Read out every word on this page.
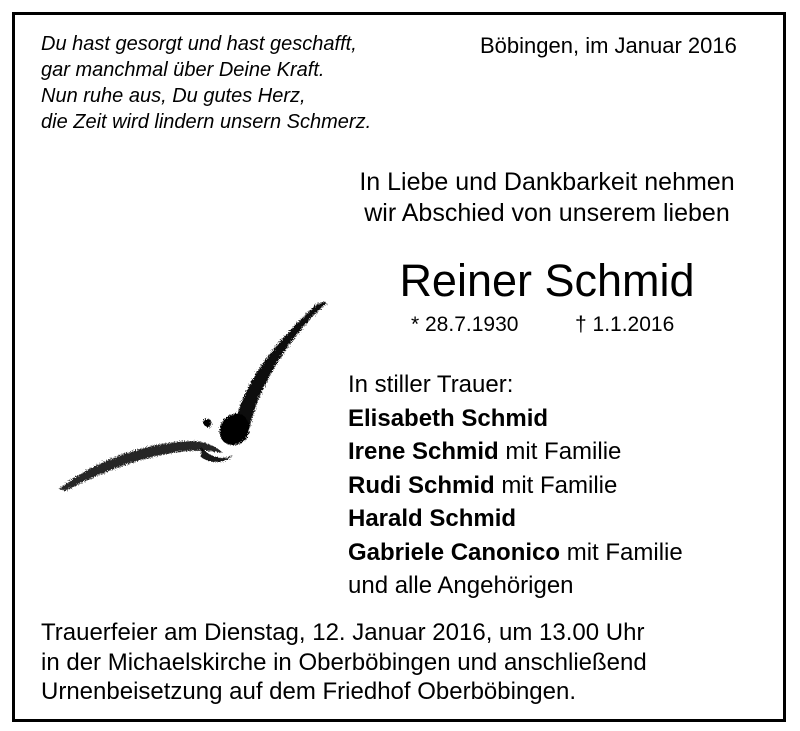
Du hast gesorgt und hast geschafft,
gar manchmal über Deine Kraft.
Nun ruhe aus, Du gutes Herz,
die Zeit wird lindern unsern Schmerz.
Böbingen, im Januar 2016
In Liebe und Dankbarkeit nehmen
wir Abschied von unserem lieben
Reiner Schmid
* 28.7.1930	† 1.1.2016
In stiller Trauer:
Elisabeth Schmid
Irene Schmid mit Familie
Rudi Schmid mit Familie
Harald Schmid
Gabriele Canonico mit Familie
und alle Angehörigen
Trauerfeier am Dienstag, 12. Januar 2016, um 13.00 Uhr
in der Michaelskirche in Oberböbingen und anschließend
Urnenbeisetzung auf dem Friedhof Oberböbingen.
